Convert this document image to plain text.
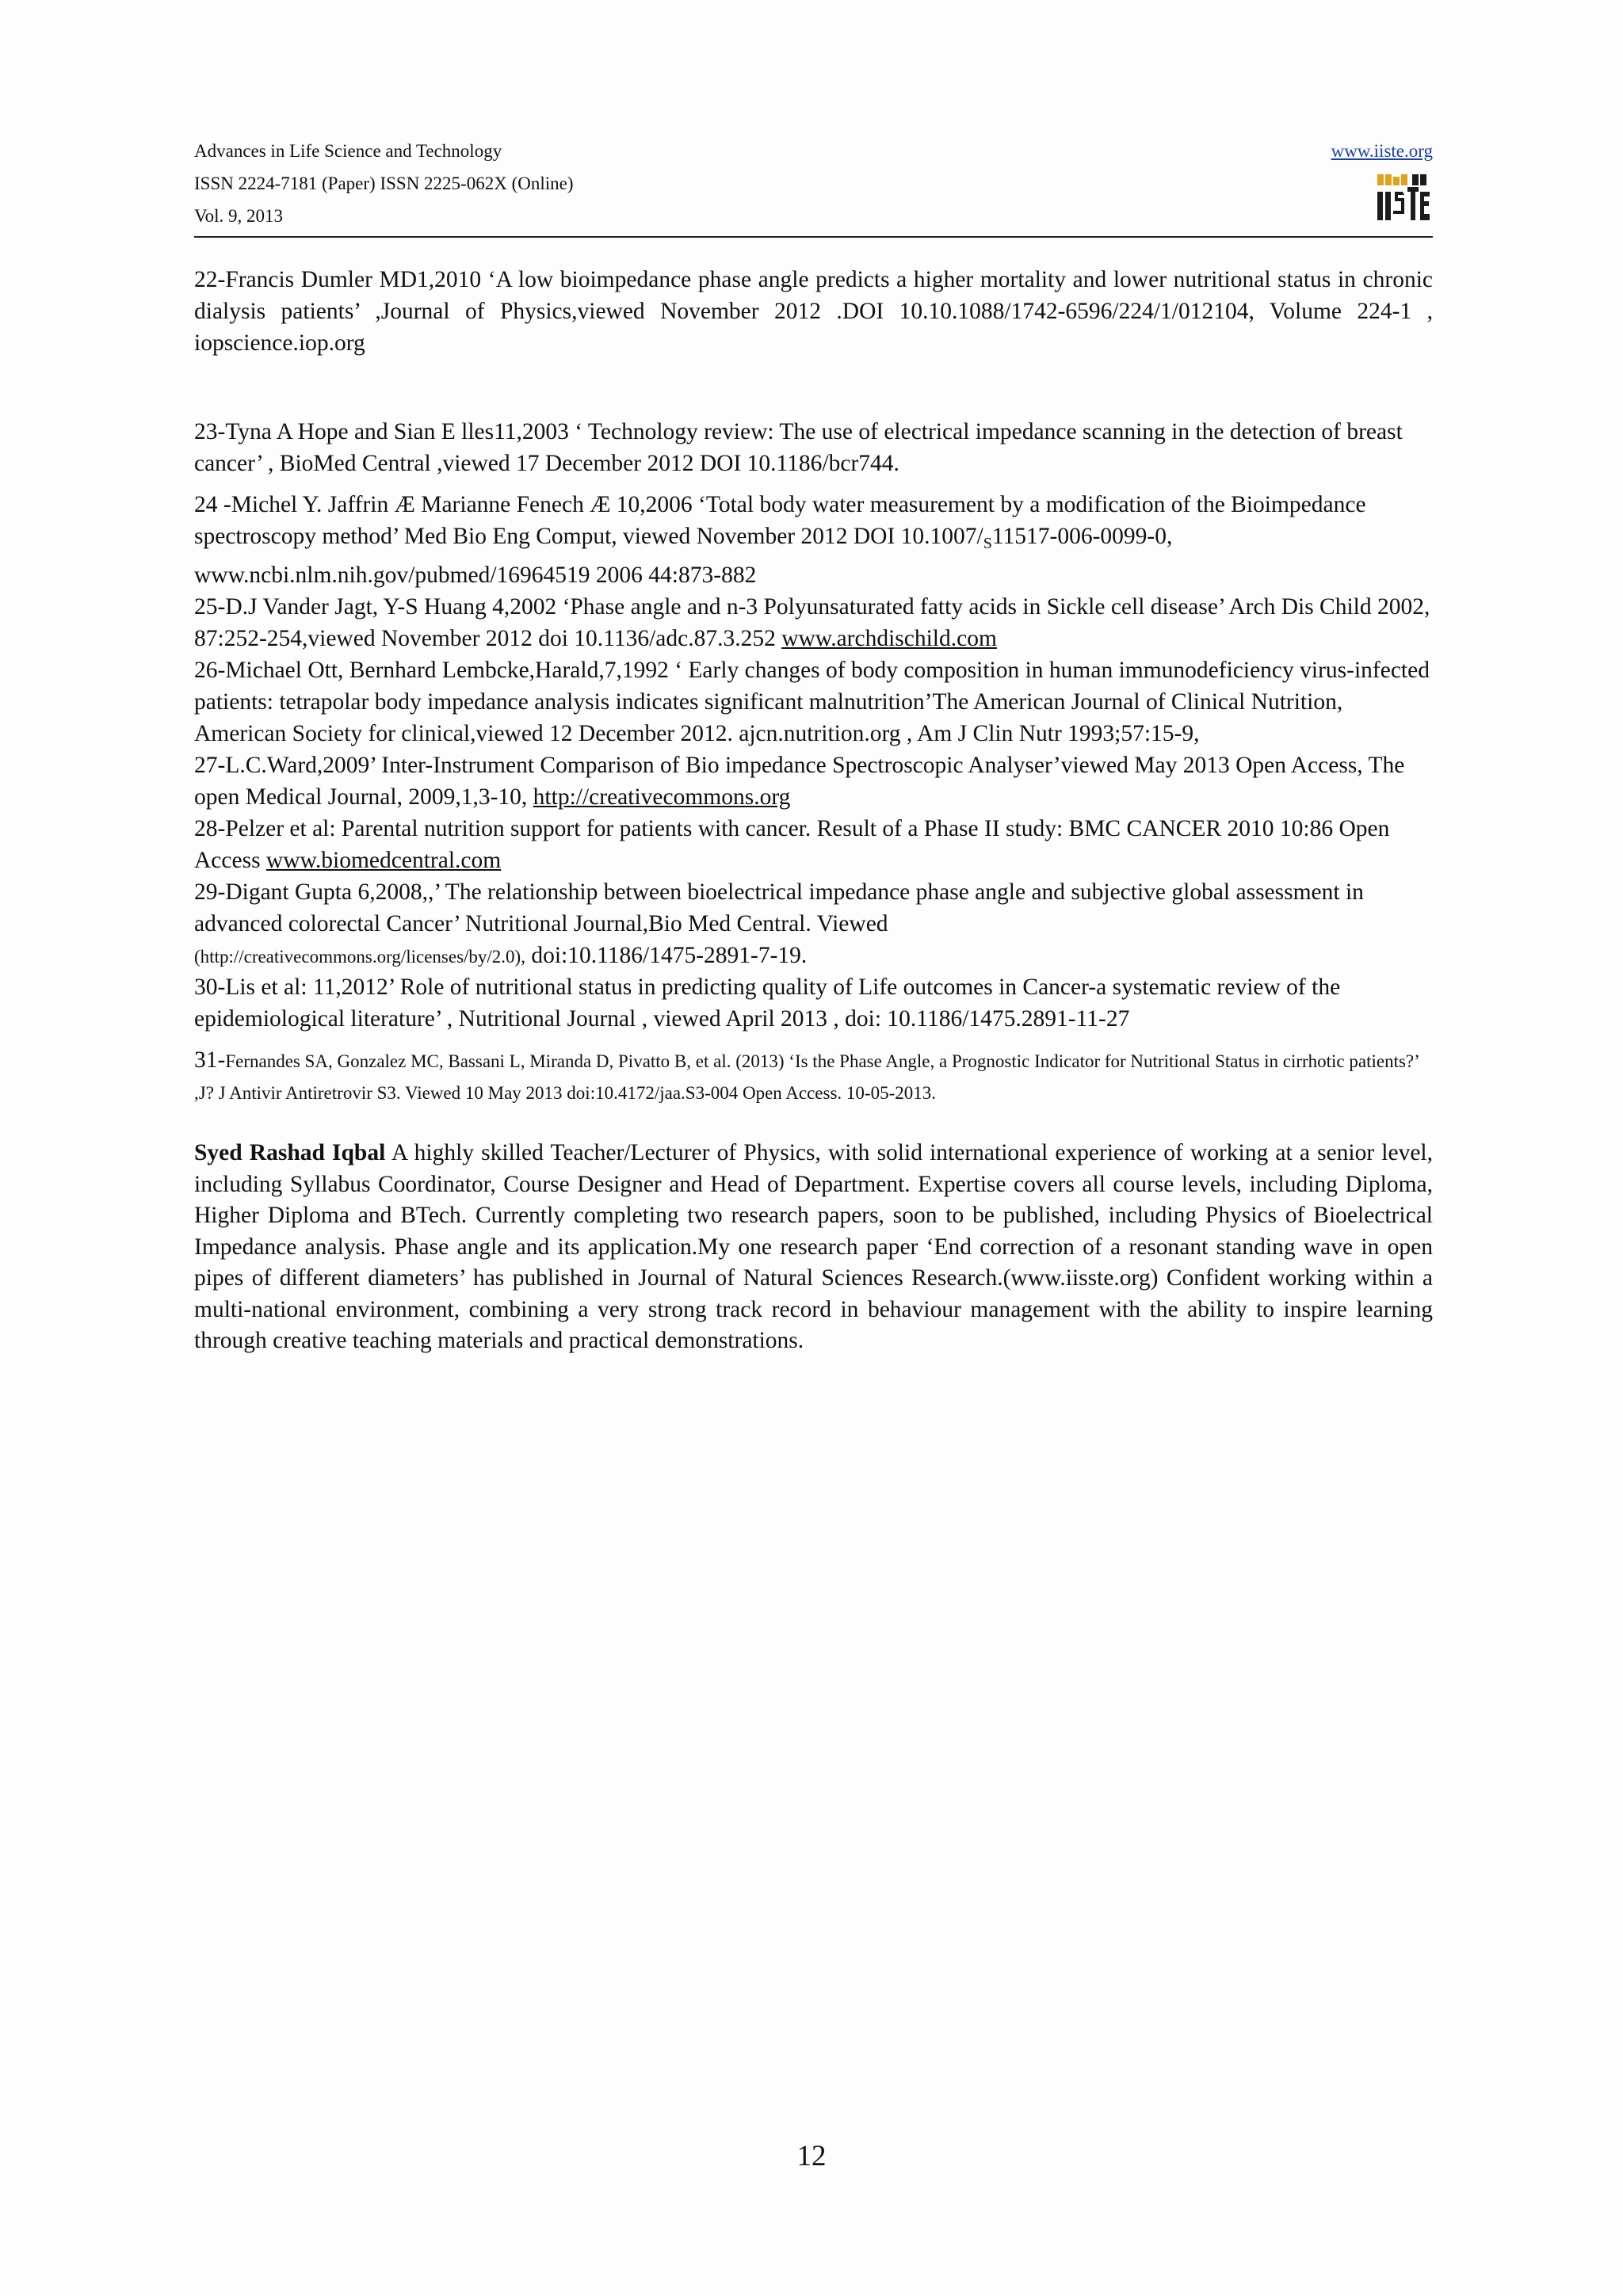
Advances in Life Science and Technology
ISSN 2224-7181 (Paper) ISSN 2225-062X (Online)
Vol. 9, 2013
www.iiste.org

22-Francis Dumler MD1,2010 ‘A low bioimpedance phase angle predicts a higher mortality and lower nutritional status in chronic dialysis patients’ ,Journal of Physics,viewed November 2012 .DOI 10.10.1088/1742-6596/224/1/012104, Volume 224-1 , iopscience.iop.org

23-Tyna A Hope and Sian E lles11,2003 ‘ Technology review: The use of electrical impedance scanning in the detection of breast cancer’ , BioMed Central ,viewed 17 December 2012 DOI 10.1186/bcr744.

24 -Michel Y. Jaffrin Æ Marianne Fenech Æ 10,2006 ‘Total body water measurement by a modification of the Bioimpedance spectroscopy method’ Med Bio Eng Comput, viewed November 2012 DOI $10.1007/_S11517-006-0099-0$, www.ncbi.nlm.nih.gov/pubmed/16964519 2006 44:873-882

25-D.J Vander Jagt, Y-S Huang 4,2002 ‘Phase angle and n-3 Polyunsaturated fatty acids in Sickle cell disease’ Arch Dis Child 2002, 87:252-254,viewed November 2012 doi 10.1136/adc.87.3.252 www.archdischild.com

26-Michael Ott, Bernhard Lembcke,Harald,7,1992 ‘ Early changes of body composition in human immunodeficiency virus-infected patients: tetrapolar body impedance analysis indicates significant malnutrition’The American Journal of Clinical Nutrition, American Society for clinical,viewed 12 December 2012. ajcn.nutrition.org , Am J Clin Nutr 1993;57:15-9,

27-L.C.Ward,2009’ Inter-Instrument Comparison of Bio impedance Spectroscopic Analyser’viewed May 2013 Open Access, The open Medical Journal, 2009,1,3-10, http://creativecommons.org

28-Pelzer et al: Parental nutrition support for patients with cancer. Result of a Phase II study: BMC CANCER 2010 10:86 Open Access www.biomedcentral.com

29-Digant Gupta 6,2008,,’ The relationship between bioelectrical impedance phase angle and subjective global assessment in advanced colorectal Cancer’ Nutritional Journal,Bio Med Central. Viewed
(http://creativecommons.org/licenses/by/2.0), doi:10.1186/1475-2891-7-19.

30-Lis et al: 11,2012’ Role of nutritional status in predicting quality of Life outcomes in Cancer-a systematic review of the epidemiological literature’ , Nutritional Journal , viewed April 2013 , doi: 10.1186/1475.2891-11-27

31-Fernandes SA, Gonzalez MC, Bassani L, Miranda D, Pivatto B, et al. (2013) ‘Is the Phase Angle, a Prognostic Indicator for Nutritional Status in cirrhotic patients?’ ,J? J Antivir Antiretrovir S3. Viewed 10 May 2013 doi:10.4172/jaa.S3-004 Open Access. 10-05-2013.

Syed Rashad Iqbal A highly skilled Teacher/Lecturer of Physics, with solid international experience of working at a senior level, including Syllabus Coordinator, Course Designer and Head of Department. Expertise covers all course levels, including Diploma, Higher Diploma and BTech. Currently completing two research papers, soon to be published, including Physics of Bioelectrical Impedance analysis. Phase angle and its application.My one research paper ‘End correction of a resonant standing wave in open pipes of different diameters’ has published in Journal of Natural Sciences Research.(www.iisste.org) Confident working within a multi-national environment, combining a very strong track record in behaviour management with the ability to inspire learning through creative teaching materials and practical demonstrations.

12
